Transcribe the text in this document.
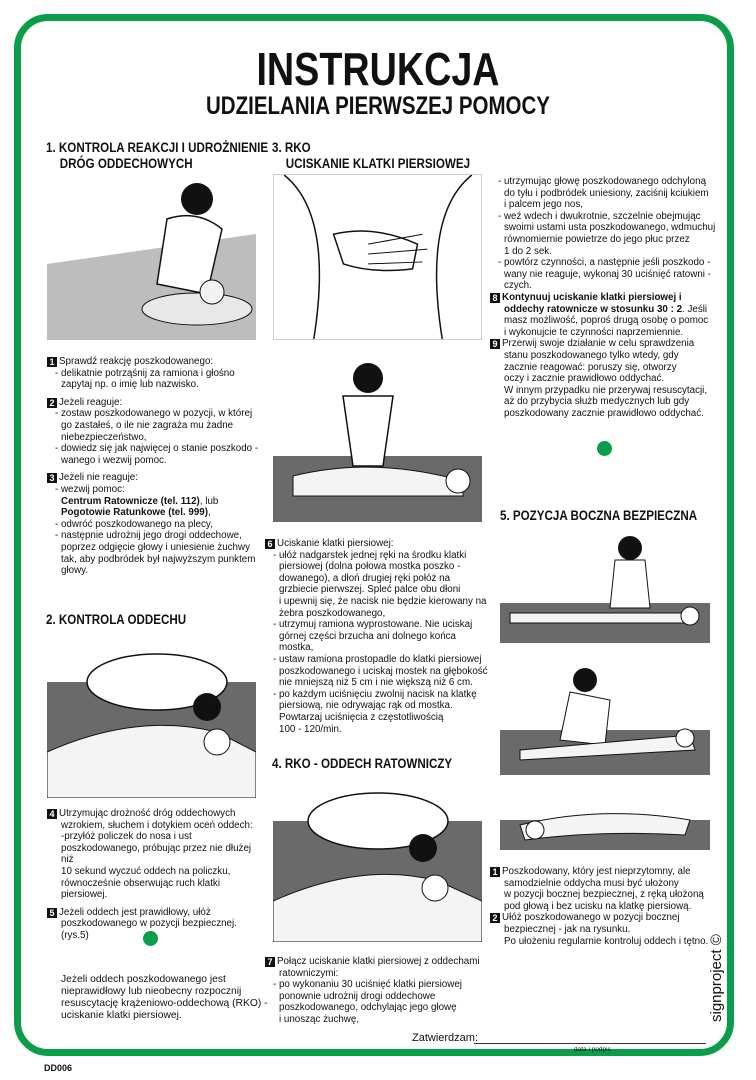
INSTRUKCJA
UDZIELANIA PIERWSZEJ POMOCY
1. KONTROLA REAKCJI I UDROŻNIENIE
DRÓG ODDECHOWYCH

1 Sprawdź reakcję poszkodowanego:

- delikatnie potrząśnij za ramiona i głośno

zapytaj np. o imię lub nazwisko.

2 Jeżeli reaguje:

- zostaw poszkodowanego w pozycji, w której

go zastałeś, o ile nie zagraża mu żadne

niebezpieczeństwo,

- dowiedz się jak najwięcej o stanie poszkodo -

wanego i wezwij pomoc.

3 Jeżeli nie reaguje:

- wezwij pomoc:

Centrum Ratownicze (tel. 112), lub

Pogotowie Ratunkowe (tel. 999),

- odwróć poszkodowanego na plecy,

- następnie udrożnij jego drogi oddechowe,

poprzez odgięcie głowy i uniesienie żuchwy

tak, aby podbródek był najwyższym punktem

głowy.

2. KONTROLA ODDECHU

4 Utrzymując drożność dróg oddechowych

wzrokiem, słuchem i dotykiem oceń oddech:

-przyłóż policzek do nosa i ust

poszkodowanego, próbując przez nie dłużej niż

10 sekund wyczuć oddech na policzku,

równocześnie obserwując ruch klatki piersiowej.

5 Jeżeli oddech jest prawidłowy, ułóż

poszkodowanego w pozycji bezpiecznej.(rys.5)

Jeżeli oddech poszkodowanego jest

nieprawidłowy lub nieobecny rozpocznij

resuscytację krążeniowo-oddechową (RKO) -

uciskanie klatki piersiowej.

3. RKO
UCISKANIE KLATKI PIERSIOWEJ

6 Uciskanie klatki piersiowej:

- ułóż nadgarstek jednej ręki na środku klatki

piersiowej (dolna połowa mostka poszko -

dowanego), a dłoń drugiej ręki połóż na

grzbiecie pierwszej. Spleć palce obu dłoni

i upewnij się, że nacisk nie będzie kierowany na

żebra poszkodowanego,

- utrzymuj ramiona wyprostowane. Nie uciskaj

górnej części brzucha ani dolnego końca

mostka,

- ustaw ramiona prostopadle do klatki piersiowej

poszkodowanego i uciskaj mostek na głębokość

nie mniejszą niż 5 cm i nie większą niż 6 cm.

- po każdym uciśnięciu zwolnij nacisk na klatkę

piersiową, nie odrywając rąk od mostka.

Powtarzaj uciśnięcia z częstotliwością

100 - 120/min.

4. RKO - ODDECH RATOWNICZY

7 Połącz uciskanie klatki piersiowej z oddechami

ratowniczymi:

- po wykonaniu 30 uciśnięć klatki piersiowej

ponownie udrożnij drogi oddechowe

poszkodowanego, odchylając jego głowę

i unosząc żuchwę,

- utrzymując głowę poszkodowanego odchyloną

do tyłu i podbródek uniesiony, zaciśnij kciukiem

i palcem jego nos,

- weź wdech i dwukrotnie, szczelnie obejmując

swoimi ustami usta poszkodowanego, wdmuchuj

równomiernie powietrze do jego płuc przez

1 do 2 sek.

- powtórz czynności, a następnie jeśli poszkodo -

wany nie reaguje, wykonaj 30 uciśnięć ratowni -

czych.

8 Kontynuuj uciskanie klatki piersiowej i

oddechy ratownicze w stosunku 30 : 2. Jeśli

masz możliwość, poproś drugą osobę o pomoc

i wykonujcie te czynności naprzemiennie.

9 Przerwij swoje działanie w celu sprawdzenia

stanu poszkodowanego tylko wtedy, gdy

zacznie reagować: poruszy się, otworzy

oczy i zacznie prawidłowo oddychać.

W innym przypadku nie przerywaj resuscytacji,

aż do przybycia służb medycznych lub gdy

poszkodowany zacznie prawidłowo oddychać.

5. POZYCJA BOCZNA BEZPIECZNA

1 Poszkodowany, który jest nieprzytomny, ale

samodzielnie oddycha musi być ułożony

w pozycji bocznej bezpiecznej, z ręką ułożoną

pod głową i bez ucisku na klatkę piersiową.

2 Ułóż poszkodowanego w pozycji bocznej

bezpiecznej - jak na rysunku.

Po ułożeniu regularnie kontroluj oddech i tętno.

Zatwierdzam:
data i podpis
signproject ©
DD006
